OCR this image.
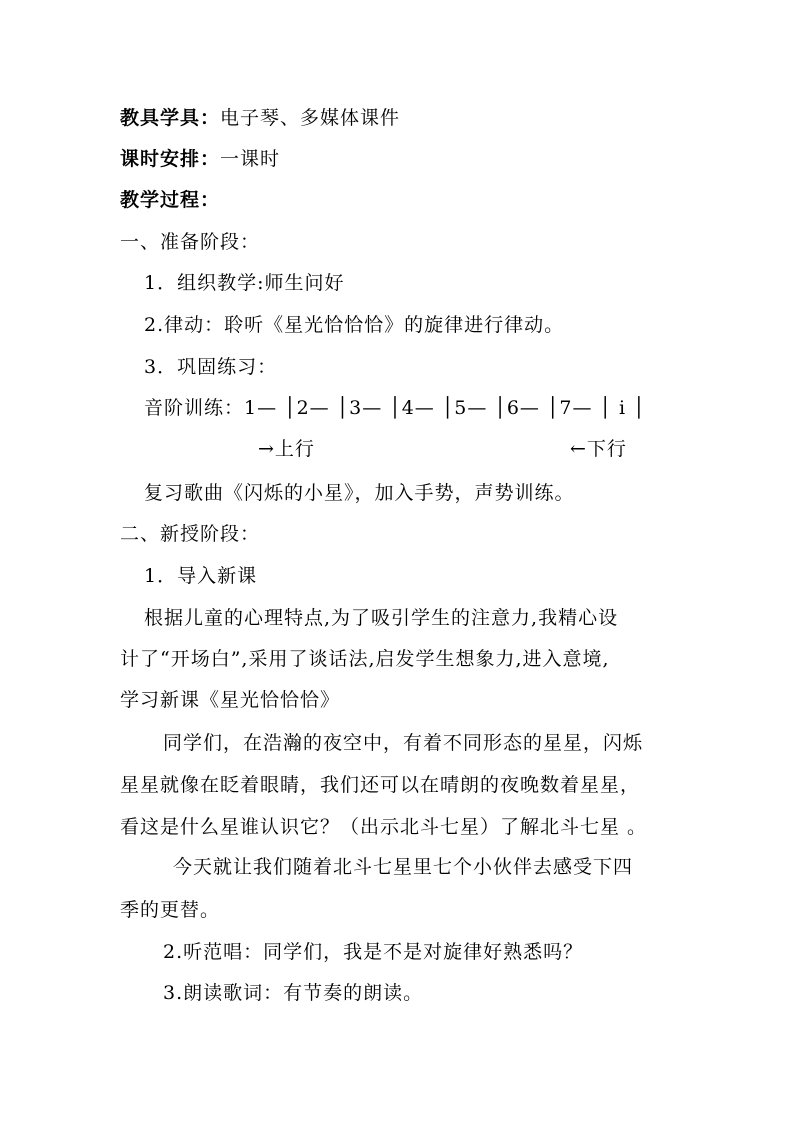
教具学具：电子琴、多媒体课件
课时安排：一课时
教学过程：
一、准备阶段：
1．组织教学:师生问好
2.律动：聆听《星光恰恰恰》的旋律进行律动。
3．巩固练习：
音阶训练：1— │2— │3— │4— │5— │6— │7— │ i │
→上行	←下行
复习歌曲《闪烁的小星》，加入手势，声势训练。
二、新授阶段：
1．导入新课
根据儿童的心理特点,为了吸引学生的注意力,我精心设
计了“开场白”,采用了谈话法,启发学生想象力,进入意境,
学习新课《星光恰恰恰》
同学们，在浩瀚的夜空中，有着不同形态的星星，闪烁
星星就像在眨着眼睛，我们还可以在晴朗的夜晚数着星星，
看这是什么星谁认识它？（出示北斗七星）了解北斗七星 。
今天就让我们随着北斗七星里七个小伙伴去感受下四
季的更替。
2.听范唱：同学们，我是不是对旋律好熟悉吗？
3.朗读歌词：有节奏的朗读。
